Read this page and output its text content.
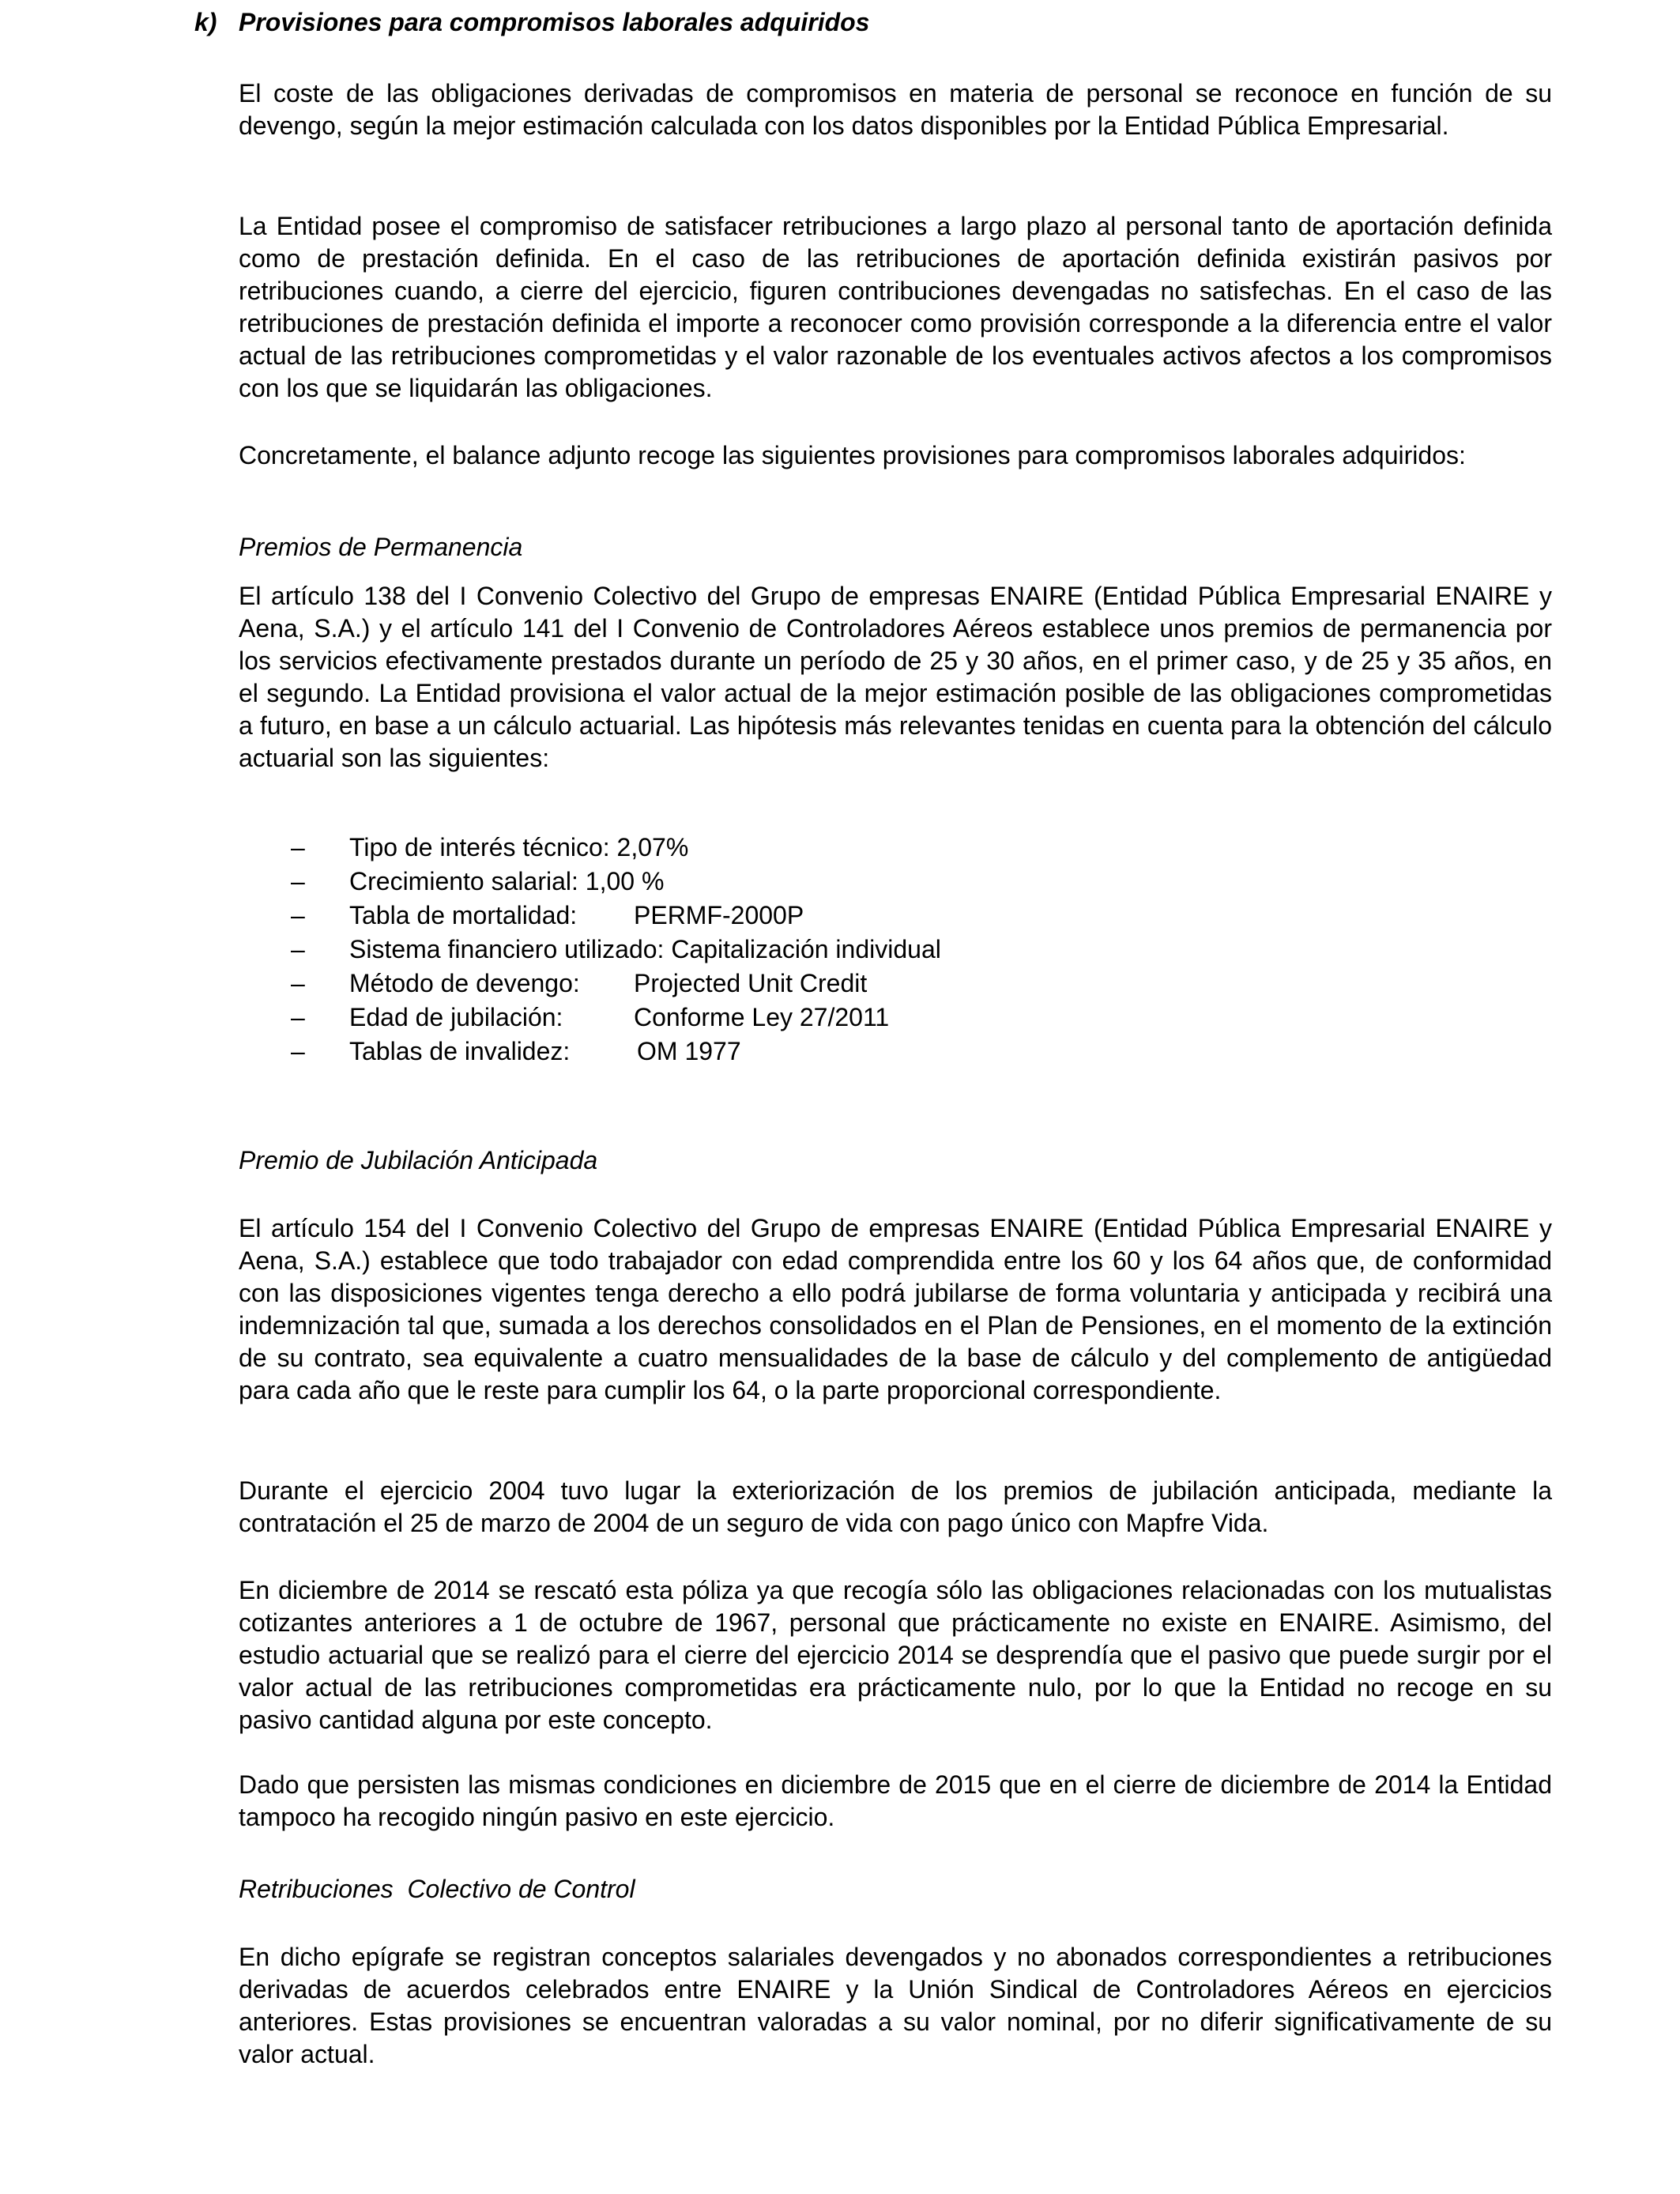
k) Provisiones para compromisos laborales adquiridos

El coste de las obligaciones derivadas de compromisos en materia de personal se reconoce en función de su devengo, según la mejor estimación calculada con los datos disponibles por la Entidad Pública Empresarial.

La Entidad posee el compromiso de satisfacer retribuciones a largo plazo al personal tanto de aportación definida como de prestación definida. En el caso de las retribuciones de aportación definida existirán pasivos por retribuciones cuando, a cierre del ejercicio, figuren contribuciones devengadas no satisfechas. En el caso de las retribuciones de prestación definida el importe a reconocer como provisión corresponde a la diferencia entre el valor actual de las retribuciones comprometidas y el valor razonable de los eventuales activos afectos a los compromisos con los que se liquidarán las obligaciones.

Concretamente, el balance adjunto recoge las siguientes provisiones para compromisos laborales adquiridos:

Premios de Permanencia

El artículo 138 del I Convenio Colectivo del Grupo de empresas ENAIRE (Entidad Pública Empresarial ENAIRE y Aena, S.A.) y el artículo 141 del I Convenio de Controladores Aéreos establece unos premios de permanencia por los servicios efectivamente prestados durante un período de 25 y 30 años, en el primer caso, y de 25 y 35 años, en el segundo. La Entidad provisiona el valor actual de la mejor estimación posible de las obligaciones comprometidas a futuro, en base a un cálculo actuarial. Las hipótesis más relevantes tenidas en cuenta para la obtención del cálculo actuarial son las siguientes:

– Tipo de interés técnico: 2,07%
– Crecimiento salarial: 1,00 %
– Tabla de mortalidad: PERMF-2000P
– Sistema financiero utilizado: Capitalización individual
– Método de devengo: Projected Unit Credit
– Edad de jubilación:	Conforme Ley 27/2011
– Tablas de invalidez:	OM 1977
Premio de Jubilación Anticipada

El artículo 154 del I Convenio Colectivo del Grupo de empresas ENAIRE (Entidad Pública Empresarial ENAIRE y Aena, S.A.) establece que todo trabajador con edad comprendida entre los 60 y los 64 años que, de conformidad con las disposiciones vigentes tenga derecho a ello podrá jubilarse de forma voluntaria y anticipada y recibirá una indemnización tal que, sumada a los derechos consolidados en el Plan de Pensiones, en el momento de la extinción de su contrato, sea equivalente a cuatro mensualidades de la base de cálculo y del complemento de antigüedad para cada año que le reste para cumplir los 64, o la parte proporcional correspondiente.

Durante el ejercicio 2004 tuvo lugar la exteriorización de los premios de jubilación anticipada, mediante la contratación el 25 de marzo de 2004 de un seguro de vida con pago único con Mapfre Vida.

En diciembre de 2014 se rescató esta póliza ya que recogía sólo las obligaciones relacionadas con los mutualistas cotizantes anteriores a 1 de octubre de 1967, personal que prácticamente no existe en ENAIRE. Asimismo, del estudio actuarial que se realizó para el cierre del ejercicio 2014 se desprendía que el pasivo que puede surgir por el valor actual de las retribuciones comprometidas era prácticamente nulo, por lo que la Entidad no recoge en su pasivo cantidad alguna por este concepto.

Dado que persisten las mismas condiciones en diciembre de 2015 que en el cierre de diciembre de 2014 la Entidad tampoco ha recogido ningún pasivo en este ejercicio.

Retribuciones  Colectivo de Control

En dicho epígrafe se registran conceptos salariales devengados y no abonados correspondientes a retribuciones derivadas de acuerdos celebrados entre ENAIRE y la Unión Sindical de Controladores Aéreos en ejercicios anteriores. Estas provisiones se encuentran valoradas a su valor nominal, por no diferir significativamente de su valor actual.
